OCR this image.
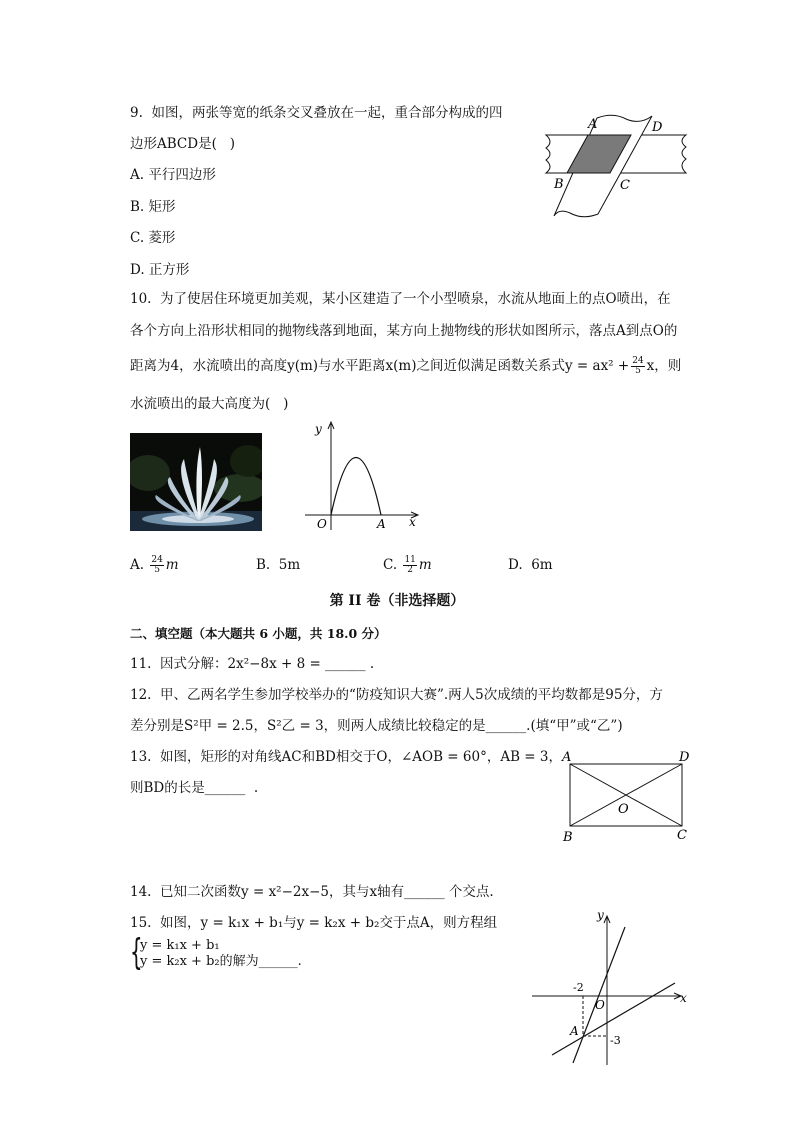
9.  如图，两张等宽的纸条交叉叠放在一起，重合部分构成的四
边形ABCD是(   )
A. 平行四边形
B. 矩形
C. 菱形
D. 正方形
A	D
B	C
10.  为了使居住环境更加美观，某小区建造了一个小型喷泉，水流从地面上的点O喷出，在
各个方向上沿形状相同的抛物线落到地面，某方向上抛物线的形状如图所示，落点A到点O的
距离为4，水流喷出的高度y(m)与水平距离x(m)之间近似满足函数关系式$y = ax^2 + \frac{24}{5}$ x，则
水流喷出的最大高度为(   )
y
O	A x
A. $\frac{24}{5}$ m	B.  5m	C. $\frac{11}{2}$ m	D.  6m
第 II 卷（非选择题）
二、填空题（本大题共 6 小题，共 18.0 分）
11.  因式分解：2x²−8x + 8 = ______ .
12.  甲、乙两名学生参加学校举办的“防疫知识大赛”.两人5次成绩的平均数都是95分，方
差分别是S²甲 = 2.5，S²乙 = 3，则两人成绩比较稳定的是______.(填“甲”或“乙”)
13.  如图，矩形的对角线AC和BD相交于O，∠AOB = 60°，AB = 3，
则BD的长是______  .
A	D
O
B	C
14.  已知二次函数y = x²−2x−5，其与x轴有______ 个交点.
15.  如图，y = k₁x + b₁与y = k₂x + b₂交于点A，则方程组
{
y = k₁x + b₁
y = k₂x + b₂的解为______.
y
x
O
-2
A
-3
